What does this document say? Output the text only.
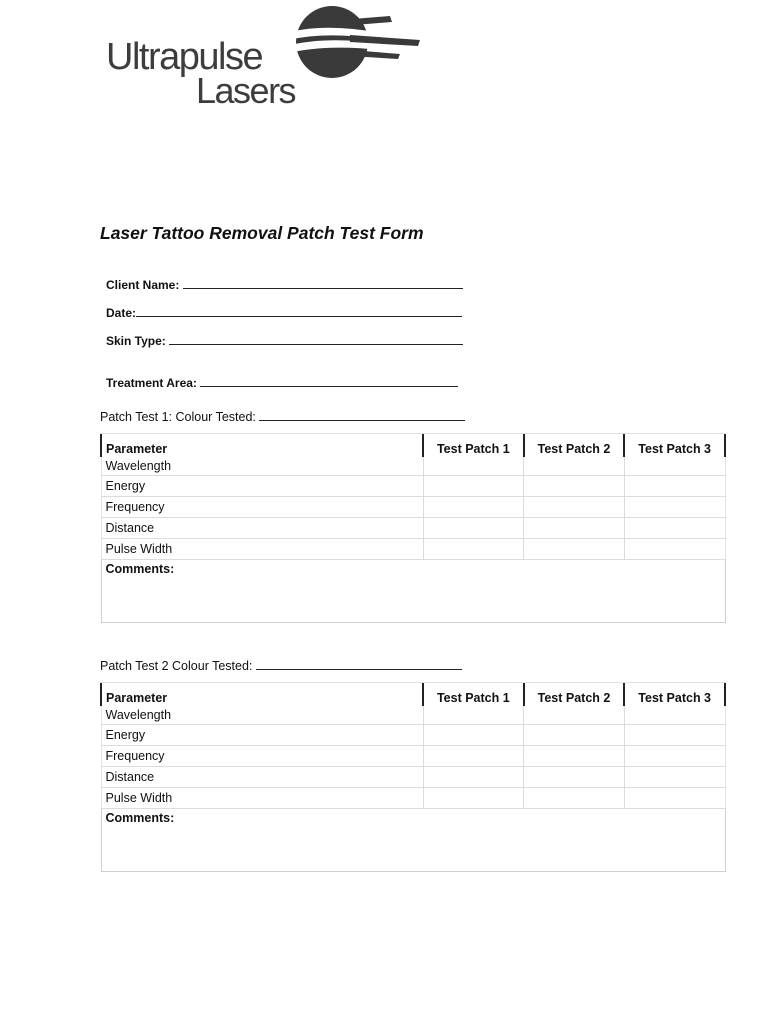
Ultrapulse
Lasers
Laser Tattoo Removal Patch Test Form
Client Name:
Date:
Skin Type:
Treatment Area:
Patch Test 1: Colour Tested:
Parameter	Test Patch 1	Test Patch 2	Test Patch 3
Wavelength			
Energy			
Frequency			
Distance			
Pulse Width			
Comments:			
Patch Test 2 Colour Tested:
Parameter	Test Patch 1	Test Patch 2	Test Patch 3
Wavelength			
Energy			
Frequency			
Distance			
Pulse Width			
Comments:			
